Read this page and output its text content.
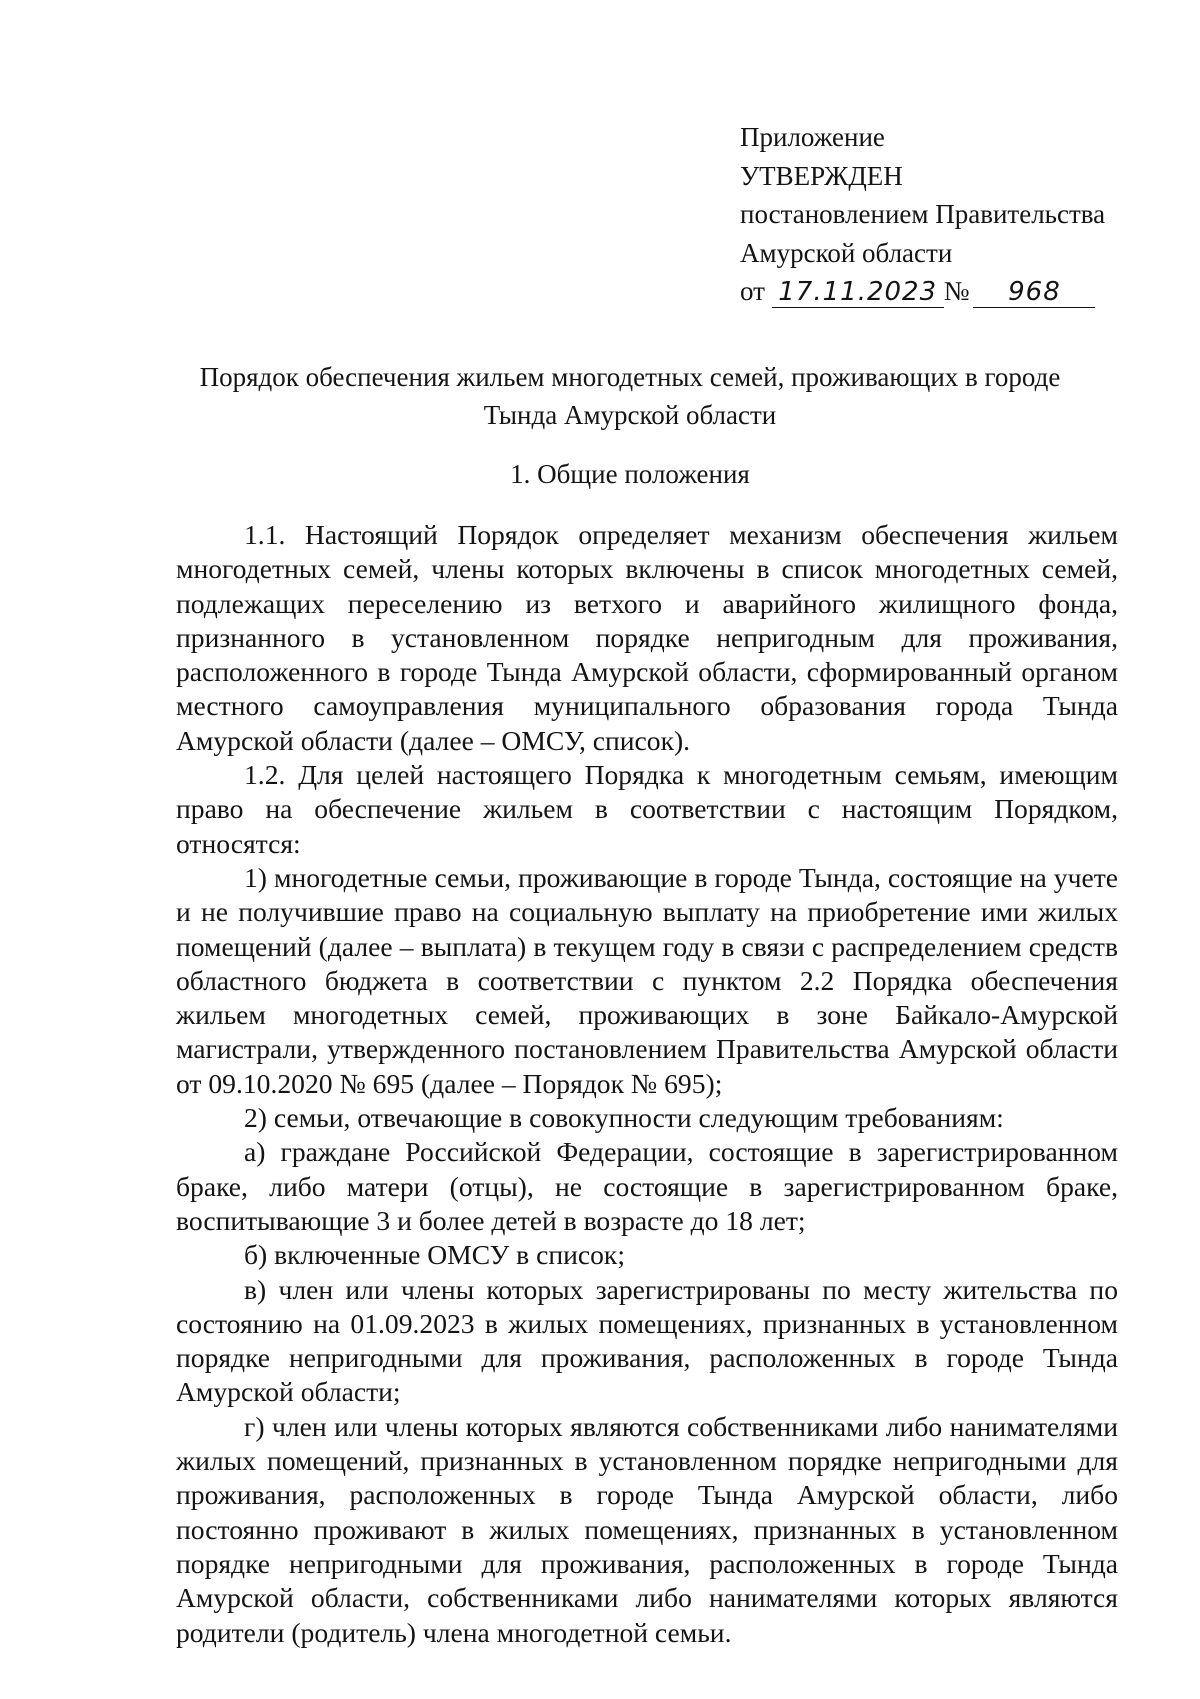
Приложение
УТВЕРЖДЕН
постановлением Правительства
Амурской области
от 17.11.2023 № 968
Порядок обеспечения жильем многодетных семей, проживающих в городе
Тында Амурской области
1. Общие положения

1.1. Настоящий Порядок определяет механизм обеспечения жильем многодетных семей, члены которых включены в список многодетных семей, подлежащих переселению из ветхого и аварийного жилищного фонда, признанного в установленном порядке непригодным для проживания, расположенного в городе Тында Амурской области, сформированный органом местного самоуправления муниципального образования города Тында Амурской области (далее – ОМСУ, список).

1.2. Для целей настоящего Порядка к многодетным семьям, имеющим право на обеспечение жильем в соответствии с настоящим Порядком, относятся:

1) многодетные семьи, проживающие в городе Тында, состоящие на учете и не получившие право на социальную выплату на приобретение ими жилых помещений (далее – выплата) в текущем году в связи с распределением средств областного бюджета в соответствии с пунктом 2.2 Порядка обеспечения жильем многодетных семей, проживающих в зоне Байкало-Амурской магистрали, утвержденного постановлением Правительства Амурской области от 09.10.2020 № 695 (далее – Порядок № 695);

2) семьи, отвечающие в совокупности следующим требованиям:

а) граждане Российской Федерации, состоящие в зарегистрированном браке, либо матери (отцы), не состоящие в зарегистрированном браке, воспитывающие 3 и более детей в возрасте до 18 лет;

б) включенные ОМСУ в список;

в) член или члены которых зарегистрированы по месту жительства по состоянию на 01.09.2023 в жилых помещениях, признанных в установленном порядке непригодными для проживания, расположенных в городе Тында Амурской области;

г) член или члены которых являются собственниками либо нанимателями жилых помещений, признанных в установленном порядке непригодными для проживания, расположенных в городе Тында Амурской области, либо постоянно проживают в жилых помещениях, признанных в установленном порядке непригодными для проживания, расположенных в городе Тында Амурской области, собственниками либо нанимателями которых являются родители (родитель) члена многодетной семьи.
